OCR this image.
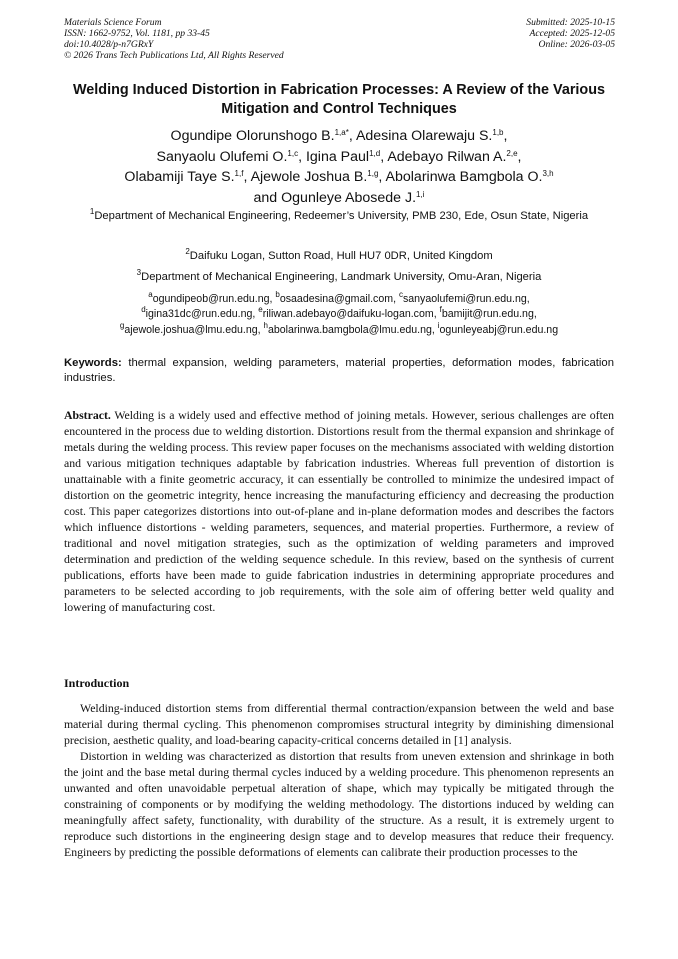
Materials Science Forum
ISSN: 1662-9752, Vol. 1181, pp 33-45
doi:10.4028/p-n7GRxY
© 2026 Trans Tech Publications Ltd, All Rights Reserved
Submitted: 2025-10-15
Accepted: 2025-12-05
Online: 2026-03-05
Welding Induced Distortion in Fabrication Processes: A Review of the Various Mitigation and Control Techniques
Ogundipe Olorunshogo B.$^{1,a*}$, Adesina Olarewaju S.$^{1,b}$,
Sanyaolu Olufemi O.$^{1,c}$, Igina Paul$^{1,d}$, Adebayo Rilwan A.$^{2,e}$,
Olabamiji Taye S.$^{1,f}$, Ajewole Joshua B.$^{1,g}$, Abolarinwa Bamgbola O.$^{3,h}$
and Ogunleye Abosede J.$^{1,i}$
$^1$Department of Mechanical Engineering, Redeemer’s University, PMB 230, Ede, Osun State, Nigeria
$^2$Daifuku Logan, Sutton Road, Hull HU7 0DR, United Kingdom
$^3$Department of Mechanical Engineering, Landmark University, Omu-Aran, Nigeria
$^a$ogundipeob@run.edu.ng, $^b$osaadesina@gmail.com, $^c$sanyaolufemi@run.edu.ng,
$^d$igina31dc@run.edu.ng, $^e$riliwan.adebayo@daifuku-logan.com, $^f$bamijit@run.edu.ng,
$^g$ajewole.joshua@lmu.edu.ng, $^h$abolarinwa.bamgbola@lmu.edu.ng, $^i$ogunleyeabj@run.edu.ng
Keywords: thermal expansion, welding parameters, material properties, deformation modes, fabrication industries.
Abstract. Welding is a widely used and effective method of joining metals. However, serious challenges are often encountered in the process due to welding distortion. Distortions result from the thermal expansion and shrinkage of metals during the welding process. This review paper focuses on the mechanisms associated with welding distortion and various mitigation techniques adaptable by fabrication industries. Whereas full prevention of distortion is unattainable with a finite geometric accuracy, it can essentially be controlled to minimize the undesired impact of distortion on the geometric integrity, hence increasing the manufacturing efficiency and decreasing the production cost. This paper categorizes distortions into out-of-plane and in-plane deformation modes and describes the factors which influence distortions - welding parameters, sequences, and material properties. Furthermore, a review of traditional and novel mitigation strategies, such as the optimization of welding parameters and improved determination and prediction of the welding sequence schedule. In this review, based on the synthesis of current publications, efforts have been made to guide fabrication industries in determining appropriate procedures and parameters to be selected according to job requirements, with the sole aim of offering better weld quality and lowering of manufacturing cost.
Introduction

Welding-induced distortion stems from differential thermal contraction/expansion between the weld and base material during thermal cycling. This phenomenon compromises structural integrity by diminishing dimensional precision, aesthetic quality, and load-bearing capacity-critical concerns detailed in [1] analysis.

Distortion in welding was characterized as distortion that results from uneven extension and shrinkage in both the joint and the base metal during thermal cycles induced by a welding procedure. This phenomenon represents an unwanted and often unavoidable perpetual alteration of shape, which may typically be mitigated through the constraining of components or by modifying the welding methodology. The distortions induced by welding can meaningfully affect safety, functionality, with durability of the structure. As a result, it is extremely urgent to reproduce such distortions in the engineering design stage and to develop measures that reduce their frequency. Engineers by predicting the possible deformations of elements can calibrate their production processes to the
